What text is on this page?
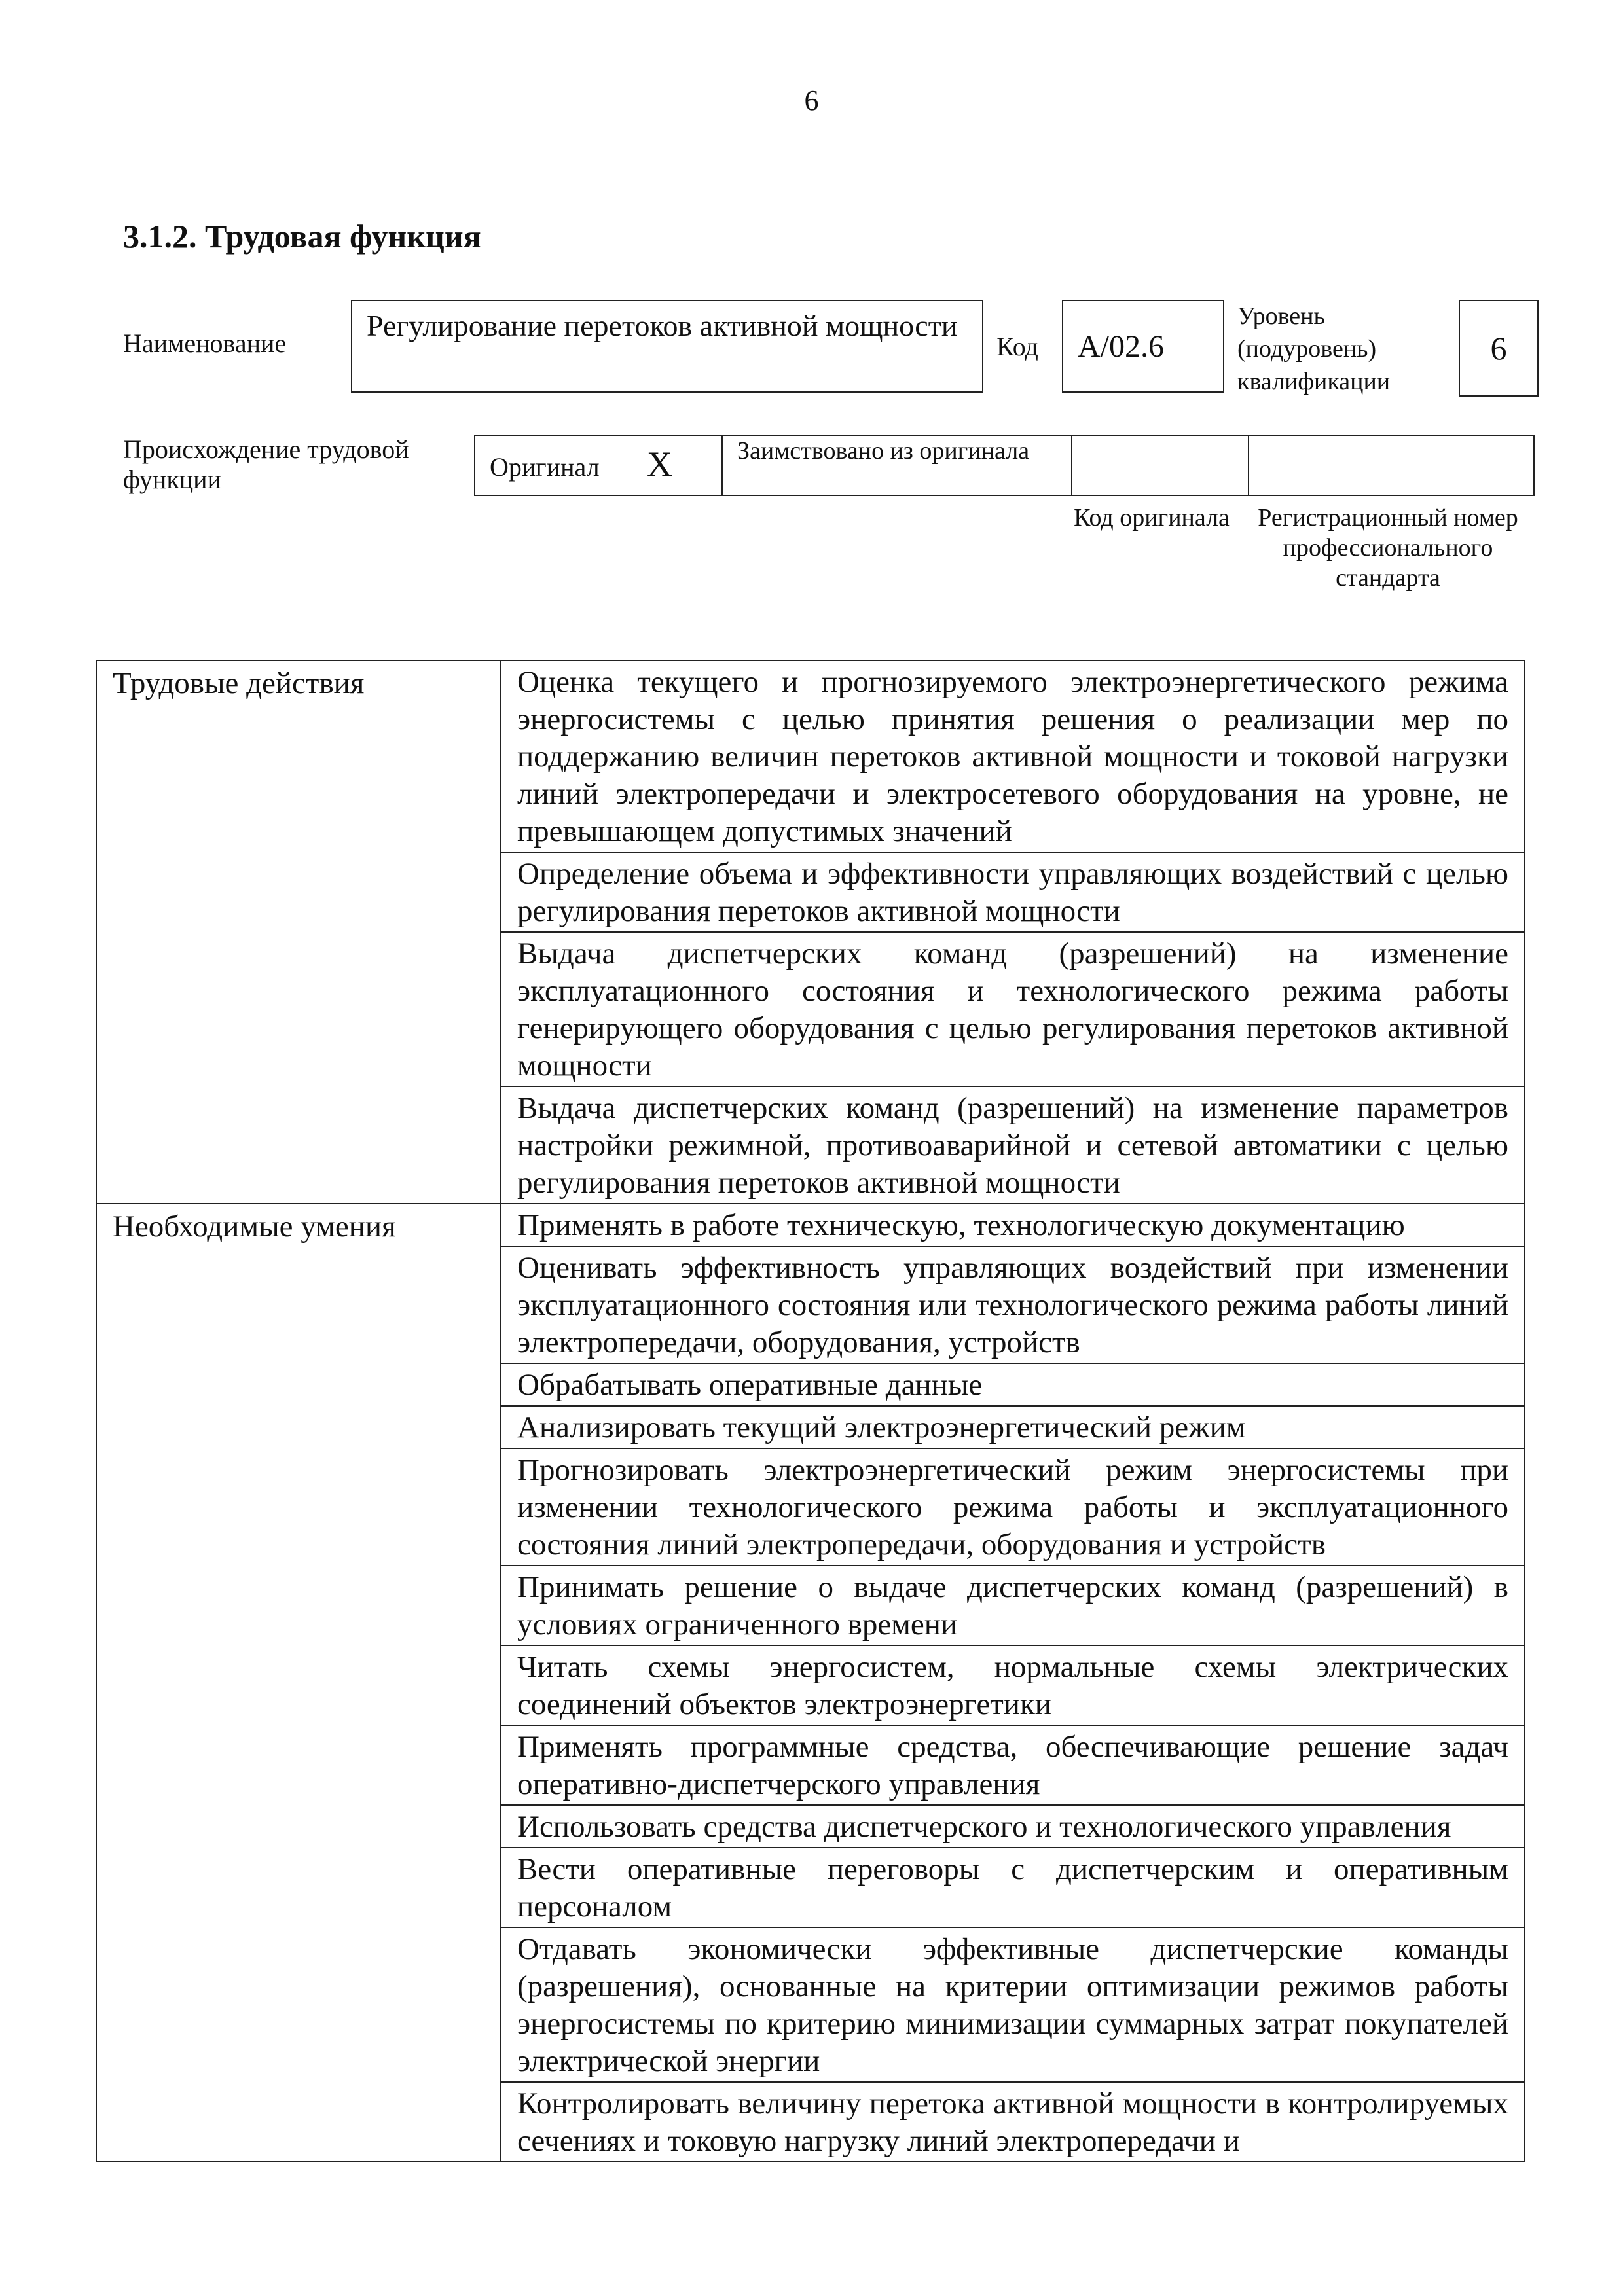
6
3.1.2. Трудовая функция
Наименование
Регулирование перетоков активной мощности
Код A/02.6
Уровень (подуровень) квалификации
6
Происхождение трудовой функции	Оригинал X	Заимствовано из оригинала
Код оригинала	Регистрационный номер профессионального стандарта
Трудовые действия	Оценка текущего и прогнозируемого электроэнергетического режима энергосистемы с целью принятия решения о реализации мер по поддержанию величин перетоков активной мощности и токовой нагрузки линий электропередачи и электросетевого оборудования на уровне, не превышающем допустимых значений
	Определение объема и эффективности управляющих воздействий с целью регулирования перетоков активной мощности
	Выдача диспетчерских команд (разрешений) на изменение эксплуатационного состояния и технологического режима работы генерирующего оборудования с целью регулирования перетоков активной мощности
	Выдача диспетчерских команд (разрешений) на изменение параметров настройки режимной, противоаварийной и сетевой автоматики с целью регулирования перетоков активной мощности
Необходимые умения	Применять в работе техническую, технологическую документацию
	Оценивать эффективность управляющих воздействий при изменении эксплуатационного состояния или технологического режима работы линий электропередачи, оборудования, устройств
	Обрабатывать оперативные данные
	Анализировать текущий электроэнергетический режим
	Прогнозировать электроэнергетический режим энергосистемы при изменении технологического режима работы и эксплуатационного состояния линий электропередачи, оборудования и устройств
	Принимать решение о выдаче диспетчерских команд (разрешений) в условиях ограниченного времени
	Читать схемы энергосистем, нормальные схемы электрических соединений объектов электроэнергетики
	Применять программные средства, обеспечивающие решение задач оперативно-диспетчерского управления
	Использовать средства диспетчерского и технологического управления
	Вести оперативные переговоры с диспетчерским и оперативным персоналом
	Отдавать экономически эффективные диспетчерские команды (разрешения), основанные на критерии оптимизации режимов работы энергосистемы по критерию минимизации суммарных затрат покупателей электрической энергии
	Контролировать величину перетока активной мощности в контролируемых сечениях и токовую нагрузку линий электропередачи и
